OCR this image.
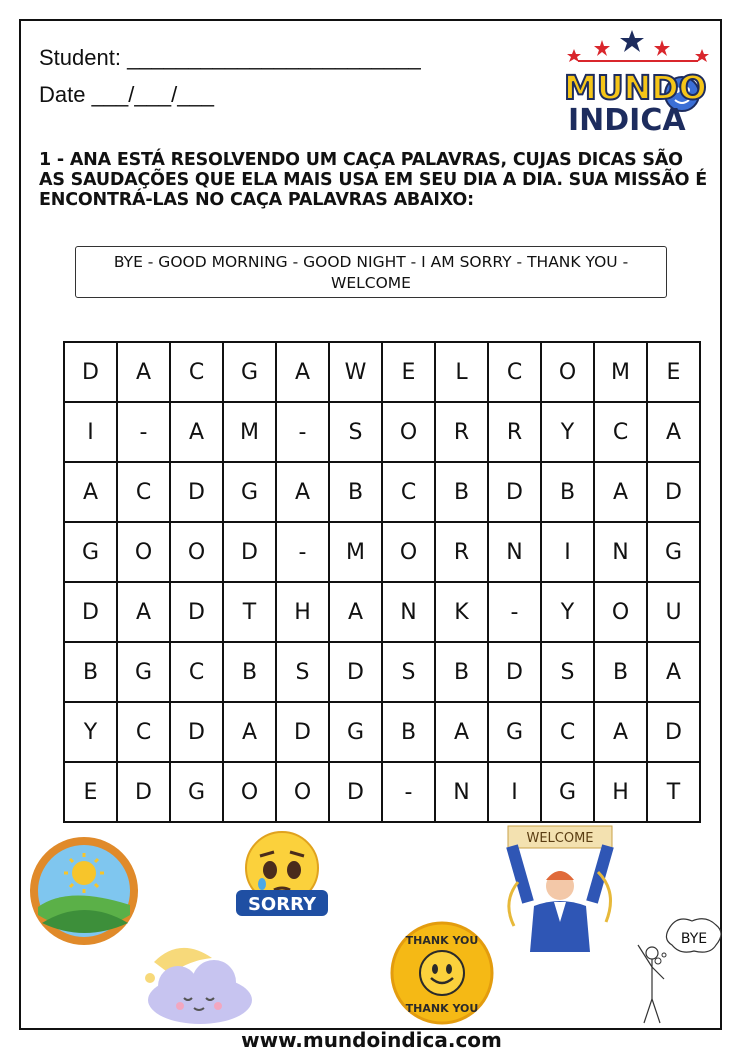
Student: ________________________
Date ___/___/___	MUNDO
INDICA
1 - ANA ESTÁ RESOLVENDO UM CAÇA PALAVRAS, CUJAS DICAS SÃO AS SAUDAÇÕES QUE ELA MAIS USA EM SEU DIA A DIA. SUA MISSÃO É ENCONTRÁ-LAS NO CAÇA PALAVRAS ABAIXO:
BYE - GOOD MORNING - GOOD NIGHT - I AM SORRY - THANK YOU - WELCOME
D	A	C	G	A	W	E	L	C	O	M	E
I	-	A	M	-	S	O	R	R	Y	C	A
A	C	D	G	A	B	C	B	D	B	A	D
G	O	O	D	-	M	O	R	N	I	N	G
D	A	D	T	H	A	N	K	-	Y	O	U
B	G	C	B	S	D	S	B	D	S	B	A
Y	C	D	A	D	G	B	A	G	C	A	D
E	D	G	O	O	D	-	N	I	G	H	T
SORRY
WELCOME
THANK YOU
THANK YOU
BYE
www.mundoindica.com
